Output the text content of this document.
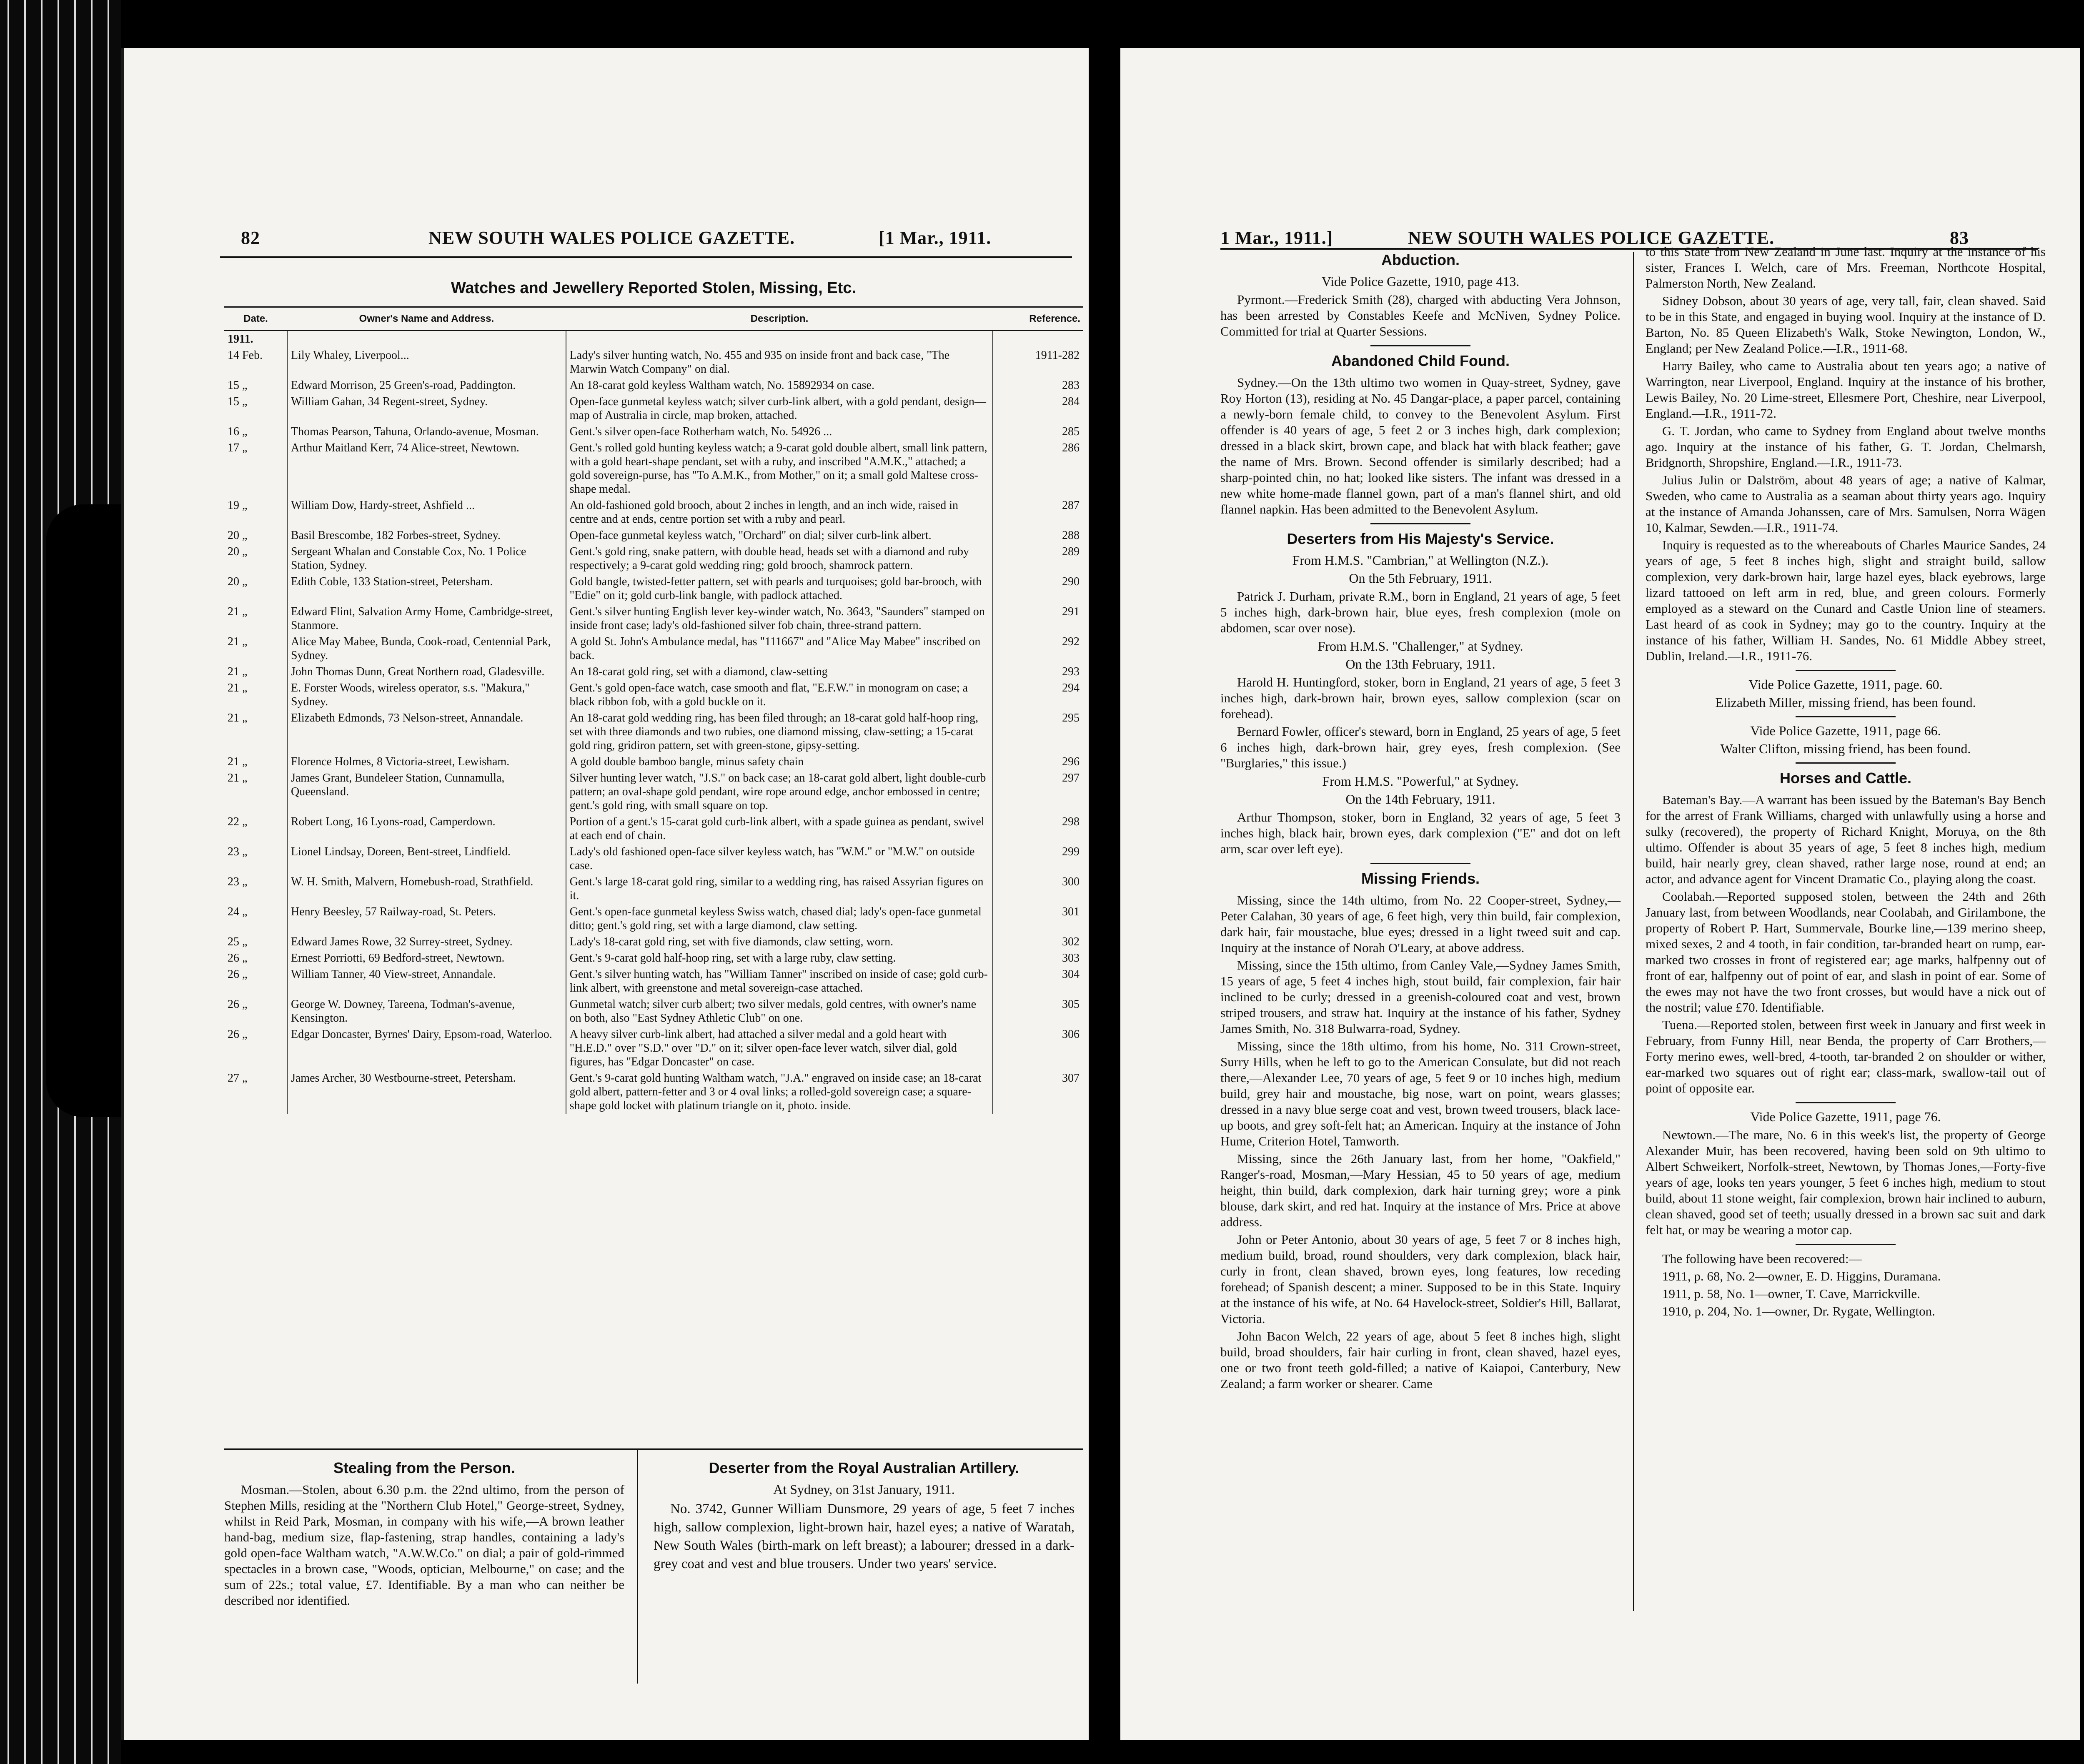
82	NEW SOUTH WALES POLICE GAZETTE.	[1 Mar., 1911.
Watches and Jewellery Reported Stolen, Missing, Etc.
Date.	Owner's Name and Address.	Description.	Reference.
1911.			
14 Feb.	Lily Whaley, Liverpool...	Lady's silver hunting watch, No. 455 and 935 on inside front and back case, "The Marwin Watch Company" on dial.	1911-282
15 „	Edward Morrison, 25 Green's-road, Paddington.	An 18-carat gold keyless Waltham watch, No. 15892934 on case.	283
15 „	William Gahan, 34 Regent-street, Sydney.	Open-face gunmetal keyless watch; silver curb-link albert, with a gold pendant, design—map of Australia in circle, map broken, attached.	284
16 „	Thomas Pearson, Tahuna, Orlando-avenue, Mosman.	Gent.'s silver open-face Rotherham watch, No. 54926 ...	285
17 „	Arthur Maitland Kerr, 74 Alice-street, Newtown.	Gent.'s rolled gold hunting keyless watch; a 9-carat gold double albert, small link pattern, with a gold heart-shape pendant, set with a ruby, and inscribed "A.M.K.," attached; a gold sovereign-purse, has "To A.M.K., from Mother," on it; a small gold Maltese cross-shape medal.	286
19 „	William Dow, Hardy-street, Ashfield ...	An old-fashioned gold brooch, about 2 inches in length, and an inch wide, raised in centre and at ends, centre portion set with a ruby and pearl.	287
20 „	Basil Brescombe, 182 Forbes-street, Sydney.	Open-face gunmetal keyless watch, "Orchard" on dial; silver curb-link albert.	288
20 „	Sergeant Whalan and Constable Cox, No. 1 Police Station, Sydney.	Gent.'s gold ring, snake pattern, with double head, heads set with a diamond and ruby respectively; a 9-carat gold wedding ring; gold brooch, shamrock pattern.	289
20 „	Edith Coble, 133 Station-street, Petersham.	Gold bangle, twisted-fetter pattern, set with pearls and turquoises; gold bar-brooch, with "Edie" on it; gold curb-link bangle, with padlock attached.	290
21 „	Edward Flint, Salvation Army Home, Cambridge-street, Stanmore.	Gent.'s silver hunting English lever key-winder watch, No. 3643, "Saunders" stamped on inside front case; lady's old-fashioned silver fob chain, three-strand pattern.	291
21 „	Alice May Mabee, Bunda, Cook-road, Centennial Park, Sydney.	A gold St. John's Ambulance medal, has "111667" and "Alice May Mabee" inscribed on back.	292
21 „	John Thomas Dunn, Great Northern road, Gladesville.	An 18-carat gold ring, set with a diamond, claw-setting	293
21 „	E. Forster Woods, wireless operator, s.s. "Makura," Sydney.	Gent.'s gold open-face watch, case smooth and flat, "E.F.W." in monogram on case; a black ribbon fob, with a gold buckle on it.	294
21 „	Elizabeth Edmonds, 73 Nelson-street, Annandale.	An 18-carat gold wedding ring, has been filed through; an 18-carat gold half-hoop ring, set with three diamonds and two rubies, one diamond missing, claw-setting; a 15-carat gold ring, gridiron pattern, set with green-stone, gipsy-setting.	295
21 „	Florence Holmes, 8 Victoria-street, Lewisham.	A gold double bamboo bangle, minus safety chain	296
21 „	James Grant, Bundeleer Station, Cunnamulla, Queensland.	Silver hunting lever watch, "J.S." on back case; an 18-carat gold albert, light double-curb pattern; an oval-shape gold pendant, wire rope around edge, anchor embossed in centre; gent.'s gold ring, with small square on top.	297
22 „	Robert Long, 16 Lyons-road, Camperdown.	Portion of a gent.'s 15-carat gold curb-link albert, with a spade guinea as pendant, swivel at each end of chain.	298
23 „	Lionel Lindsay, Doreen, Bent-street, Lindfield.	Lady's old fashioned open-face silver keyless watch, has "W.M." or "M.W." on outside case.	299
23 „	W. H. Smith, Malvern, Homebush-road, Strathfield.	Gent.'s large 18-carat gold ring, similar to a wedding ring, has raised Assyrian figures on it.	300
24 „	Henry Beesley, 57 Railway-road, St. Peters.	Gent.'s open-face gunmetal keyless Swiss watch, chased dial; lady's open-face gunmetal ditto; gent.'s gold ring, set with a large diamond, claw setting.	301
25 „	Edward James Rowe, 32 Surrey-street, Sydney.	Lady's 18-carat gold ring, set with five diamonds, claw setting, worn.	302
26 „	Ernest Porriotti, 69 Bedford-street, Newtown.	Gent.'s 9-carat gold half-hoop ring, set with a large ruby, claw setting.	303
26 „	William Tanner, 40 View-street, Annandale.	Gent.'s silver hunting watch, has "William Tanner" inscribed on inside of case; gold curb-link albert, with greenstone and metal sovereign-case attached.	304
26 „	George W. Downey, Tareena, Todman's-avenue, Kensington.	Gunmetal watch; silver curb albert; two silver medals, gold centres, with owner's name on both, also "East Sydney Athletic Club" on one.	305
26 „	Edgar Doncaster, Byrnes' Dairy, Epsom-road, Waterloo.	A heavy silver curb-link albert, had attached a silver medal and a gold heart with "H.E.D." over "S.D." over "D." on it; silver open-face lever watch, silver dial, gold figures, has "Edgar Doncaster" on case.	306
27 „	James Archer, 30 Westbourne-street, Petersham.	Gent.'s 9-carat gold hunting Waltham watch, "J.A." engraved on inside case; an 18-carat gold albert, pattern-fetter and 3 or 4 oval links; a rolled-gold sovereign case; a square-shape gold locket with platinum triangle on it, photo. inside.	307
Stealing from the Person.

Mosman.—Stolen, about 6.30 p.m. the 22nd ultimo, from the person of Stephen Mills, residing at the "Northern Club Hotel," George-street, Sydney, whilst in Reid Park, Mosman, in company with his wife,—A brown leather hand-bag, medium size, flap-fastening, strap handles, containing a lady's gold open-face Waltham watch, "A.W.W.Co." on dial; a pair of gold-rimmed spectacles in a brown case, "Woods, optician, Melbourne," on case; and the sum of 22s.; total value, £7. Identifiable. By a man who can neither be described nor identified.

Deserter from the Royal Australian Artillery.
At Sydney, on 31st January, 1911.

No. 3742, Gunner William Dunsmore, 29 years of age, 5 feet 7 inches high, sallow complexion, light-brown hair, hazel eyes; a native of Waratah, New South Wales (birth-mark on left breast); a labourer; dressed in a dark-grey coat and vest and blue trousers. Under two years' service.

1 Mar., 1911.]	NEW SOUTH WALES POLICE GAZETTE.	83
Abduction.
Vide Police Gazette, 1910, page 413.

Pyrmont.—Frederick Smith (28), charged with abducting Vera Johnson, has been arrested by Constables Keefe and McNiven, Sydney Police. Committed for trial at Quarter Sessions.

Abandoned Child Found.

Sydney.—On the 13th ultimo two women in Quay-street, Sydney, gave Roy Horton (13), residing at No. 45 Dangar-place, a paper parcel, containing a newly-born female child, to convey to the Benevolent Asylum. First offender is 40 years of age, 5 feet 2 or 3 inches high, dark complexion; dressed in a black skirt, brown cape, and black hat with black feather; gave the name of Mrs. Brown. Second offender is similarly described; had a sharp-pointed chin, no hat; looked like sisters. The infant was dressed in a new white home-made flannel gown, part of a man's flannel shirt, and old flannel napkin. Has been admitted to the Benevolent Asylum.

Deserters from His Majesty's Service.
From H.M.S. "Cambrian," at Wellington (N.Z.).
On the 5th February, 1911.

Patrick J. Durham, private R.M., born in England, 21 years of age, 5 feet 5 inches high, dark-brown hair, blue eyes, fresh complexion (mole on abdomen, scar over nose).

From H.M.S. "Challenger," at Sydney.
On the 13th February, 1911.

Harold H. Huntingford, stoker, born in England, 21 years of age, 5 feet 3 inches high, dark-brown hair, brown eyes, sallow complexion (scar on forehead).

Bernard Fowler, officer's steward, born in England, 25 years of age, 5 feet 6 inches high, dark-brown hair, grey eyes, fresh complexion. (See "Burglaries," this issue.)

From H.M.S. "Powerful," at Sydney.
On the 14th February, 1911.

Arthur Thompson, stoker, born in England, 32 years of age, 5 feet 3 inches high, black hair, brown eyes, dark complexion ("E" and dot on left arm, scar over left eye).

Missing Friends.

Missing, since the 14th ultimo, from No. 22 Cooper-street, Sydney,—Peter Calahan, 30 years of age, 6 feet high, very thin build, fair complexion, dark hair, fair moustache, blue eyes; dressed in a light tweed suit and cap. Inquiry at the instance of Norah O'Leary, at above address.

Missing, since the 15th ultimo, from Canley Vale,—Sydney James Smith, 15 years of age, 5 feet 4 inches high, stout build, fair complexion, fair hair inclined to be curly; dressed in a greenish-coloured coat and vest, brown striped trousers, and straw hat. Inquiry at the instance of his father, Sydney James Smith, No. 318 Bulwarra-road, Sydney.

Missing, since the 18th ultimo, from his home, No. 311 Crown-street, Surry Hills, when he left to go to the American Consulate, but did not reach there,—Alexander Lee, 70 years of age, 5 feet 9 or 10 inches high, medium build, grey hair and moustache, big nose, wart on point, wears glasses; dressed in a navy blue serge coat and vest, brown tweed trousers, black lace-up boots, and grey soft-felt hat; an American. Inquiry at the instance of John Hume, Criterion Hotel, Tamworth.

Missing, since the 26th January last, from her home, "Oakfield," Ranger's-road, Mosman,—Mary Hessian, 45 to 50 years of age, medium height, thin build, dark complexion, dark hair turning grey; wore a pink blouse, dark skirt, and red hat. Inquiry at the instance of Mrs. Price at above address.

John or Peter Antonio, about 30 years of age, 5 feet 7 or 8 inches high, medium build, broad, round shoulders, very dark complexion, black hair, curly in front, clean shaved, brown eyes, long features, low receding forehead; of Spanish descent; a miner. Supposed to be in this State. Inquiry at the instance of his wife, at No. 64 Havelock-street, Soldier's Hill, Ballarat, Victoria.

John Bacon Welch, 22 years of age, about 5 feet 8 inches high, slight build, broad shoulders, fair hair curling in front, clean shaved, hazel eyes, one or two front teeth gold-filled; a native of Kaiapoi, Canterbury, New Zealand; a farm worker or shearer. Came

to this State from New Zealand in June last. Inquiry at the instance of his sister, Frances I. Welch, care of Mrs. Freeman, Northcote Hospital, Palmerston North, New Zealand.

Sidney Dobson, about 30 years of age, very tall, fair, clean shaved. Said to be in this State, and engaged in buying wool. Inquiry at the instance of D. Barton, No. 85 Queen Elizabeth's Walk, Stoke Newington, London, W., England; per New Zealand Police.—I.R., 1911-68.

Harry Bailey, who came to Australia about ten years ago; a native of Warrington, near Liverpool, England. Inquiry at the instance of his brother, Lewis Bailey, No. 20 Lime-street, Ellesmere Port, Cheshire, near Liverpool, England.—I.R., 1911-72.

G. T. Jordan, who came to Sydney from England about twelve months ago. Inquiry at the instance of his father, G. T. Jordan, Chelmarsh, Bridgnorth, Shropshire, England.—I.R., 1911-73.

Julius Julin or Dalström, about 48 years of age; a native of Kalmar, Sweden, who came to Australia as a seaman about thirty years ago. Inquiry at the instance of Amanda Johanssen, care of Mrs. Samulsen, Norra Wägen 10, Kalmar, Sewden.—I.R., 1911-74.

Inquiry is requested as to the whereabouts of Charles Maurice Sandes, 24 years of age, 5 feet 8 inches high, slight and straight build, sallow complexion, very dark-brown hair, large hazel eyes, black eyebrows, large lizard tattooed on left arm in red, blue, and green colours. Formerly employed as a steward on the Cunard and Castle Union line of steamers. Last heard of as cook in Sydney; may go to the country. Inquiry at the instance of his father, William H. Sandes, No. 61 Middle Abbey street, Dublin, Ireland.—I.R., 1911-76.

Vide Police Gazette, 1911, page. 60.
Elizabeth Miller, missing friend, has been found.
Vide Police Gazette, 1911, page 66.
Walter Clifton, missing friend, has been found.
Horses and Cattle.

Bateman's Bay.—A warrant has been issued by the Bateman's Bay Bench for the arrest of Frank Williams, charged with unlawfully using a horse and sulky (recovered), the property of Richard Knight, Moruya, on the 8th ultimo. Offender is about 35 years of age, 5 feet 8 inches high, medium build, hair nearly grey, clean shaved, rather large nose, round at end; an actor, and advance agent for Vincent Dramatic Co., playing along the coast.

Coolabah.—Reported supposed stolen, between the 24th and 26th January last, from between Woodlands, near Coolabah, and Girilambone, the property of Robert P. Hart, Summervale, Bourke line,—139 merino sheep, mixed sexes, 2 and 4 tooth, in fair condition, tar-branded heart on rump, ear-marked two crosses in front of registered ear; age marks, halfpenny out of front of ear, halfpenny out of point of ear, and slash in point of ear. Some of the ewes may not have the two front crosses, but would have a nick out of the nostril; value £70. Identifiable.

Tuena.—Reported stolen, between first week in January and first week in February, from Funny Hill, near Benda, the property of Carr Brothers,—Forty merino ewes, well-bred, 4-tooth, tar-branded 2 on shoulder or wither, ear-marked two squares out of right ear; class-mark, swallow-tail out of point of opposite ear.

Vide Police Gazette, 1911, page 76.

Newtown.—The mare, No. 6 in this week's list, the property of George Alexander Muir, has been recovered, having been sold on 9th ultimo to Albert Schweikert, Norfolk-street, Newtown, by Thomas Jones,—Forty-five years of age, looks ten years younger, 5 feet 6 inches high, medium to stout build, about 11 stone weight, fair complexion, brown hair inclined to auburn, clean shaved, good set of teeth; usually dressed in a brown sac suit and dark felt hat, or may be wearing a motor cap.

The following have been recovered:—

1911, p. 68, No. 2—owner, E. D. Higgins, Duramana.

1911, p. 58, No. 1—owner, T. Cave, Marrickville.

1910, p. 204, No. 1—owner, Dr. Rygate, Wellington.
